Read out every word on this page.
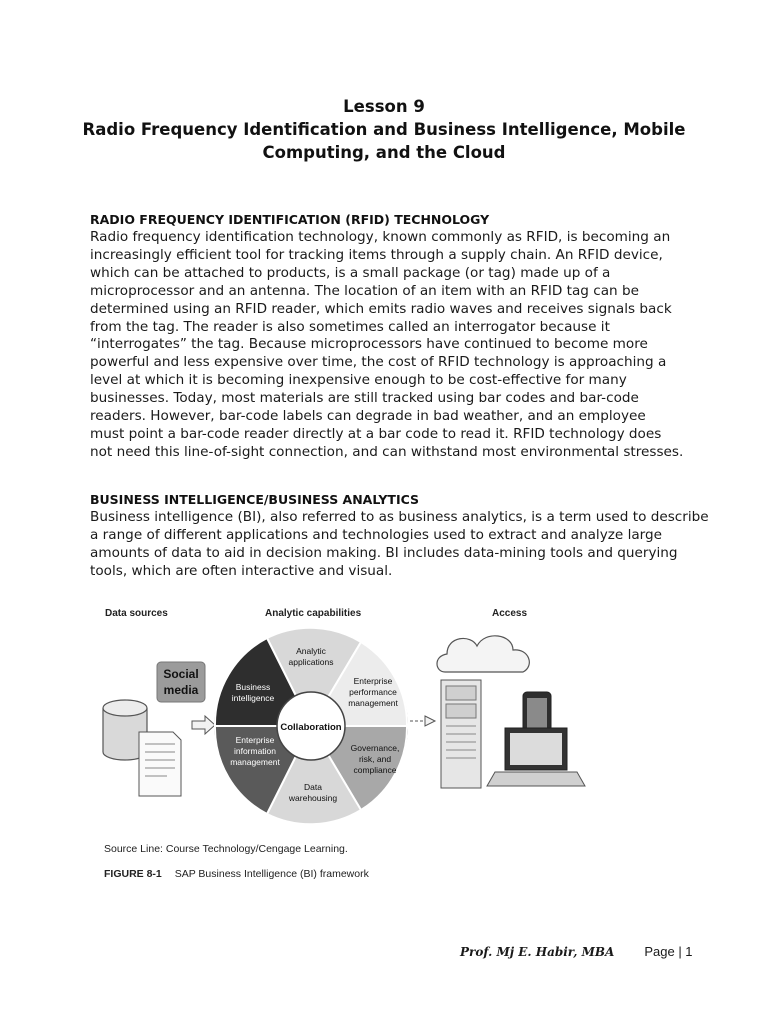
Lesson 9
Radio Frequency Identification and Business Intelligence, Mobile
Computing, and the Cloud

RADIO FREQUENCY IDENTIFICATION (RFID) TECHNOLOGY

Radio frequency identification technology, known commonly as RFID, is becoming an
increasingly efficient tool for tracking items through a supply chain. An RFID device,
which can be attached to products, is a small package (or tag) made up of a
microprocessor and an antenna. The location of an item with an RFID tag can be
determined using an RFID reader, which emits radio waves and receives signals back
from the tag. The reader is also sometimes called an interrogator because it
“interrogates” the tag. Because microprocessors have continued to become more
powerful and less expensive over time, the cost of RFID technology is approaching a
level at which it is becoming inexpensive enough to be cost-effective for many
businesses. Today, most materials are still tracked using bar codes and bar-code
readers. However, bar-code labels can degrade in bad weather, and an employee
must point a bar-code reader directly at a bar code to read it. RFID technology does
not need this line-of-sight connection, and can withstand most environmental stresses.

BUSINESS INTELLIGENCE/BUSINESS ANALYTICS

Business intelligence (BI), also referred to as business analytics, is a term used to describe
a range of different applications and technologies used to extract and analyze large
amounts of data to aid in decision making. BI includes data-mining tools and querying
tools, which are often interactive and visual.

Data sources	Analytic capabilities	Access
Social
media
Collaboration
Analytic
applications
Enterprise
performance
management
Governance,
risk, and
compliance
Data
warehousing
Enterprise
information
management
Business
intelligence
Source Line: Course Technology/Cengage Learning.
FIGURE 8-1 SAP Business Intelligence (BI) framework
Prof. Mj E. Habir, MBA Page | 1
